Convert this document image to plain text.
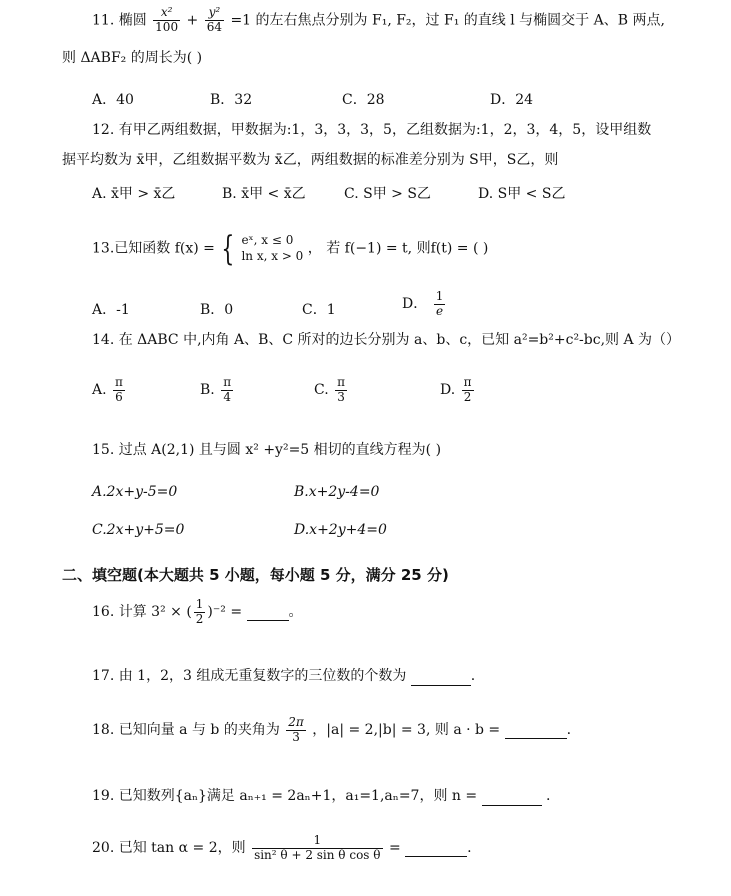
11. 椭圆 $\frac{\text{x²}}{100} + \frac{\text{y²}}{64} =1$ 的左右焦点分别为 F₁, F₂，过 F₁ 的直线 l 与椭圆交于 A、B 两点,
则 ΔABF₂ 的周长为( )
A．40	B．32	C．28	D．24
12. 有甲乙两组数据，甲数据为:1，3，3，3，5，乙组数据为:1，2，3，4，5，设甲组数
据平均数为 x̄甲，乙组数据平数为 x̄乙，两组数据的标准差分别为 S甲，S乙，则
A. x̄甲 > x̄乙	B. x̄甲 < x̄乙	C. S甲 > S乙	D. S甲 < S乙
13.已知函数 f(x) = { eˣ, x ≤ 0
ln x, x > 0 ， 若 f(−1) = t, 则f(t) = ( )
A．-1	B．0	C．1	D． $\frac{1}{e}$
14. 在 ΔABC 中,内角 A、B、C 所对的边长分别为 a、b、c，已知 a²=b²+c²-bc,则 A 为（）
A. $\frac{\pi}{6}$	B. $\frac{\pi}{4}$	C. $\frac{\pi}{3}$	D. $\frac{\pi}{2}$
15. 过点 A(2,1) 且与圆 x² +y²=5 相切的直线方程为( )
A.2x+y-5=0	B.x+2y-4=0
C.2x+y+5=0	D.x+2y+4=0
二、填空题(本大题共 5 小题，每小题 5 分，满分 25 分)
16. 计算 3² × ( $\frac{1}{2} )^{-2}$ =	。
17. 由 1，2，3 组成无重复数字的三位数的个数为	.
18. 已知向量 a 与 b 的夹角为 $\frac{2\pi}{3}$ ，|a| = 2,|b| = 3, 则 a · b =	.
19. 已知数列{aₙ}满足 aₙ₊₁ = 2aₙ+1，a₁=1,aₙ=7，则 n =	.
20. 已知 tan α = 2，则 $\frac{1}{\text{sin² θ + 2 sin θ cos θ}}$ =	.
